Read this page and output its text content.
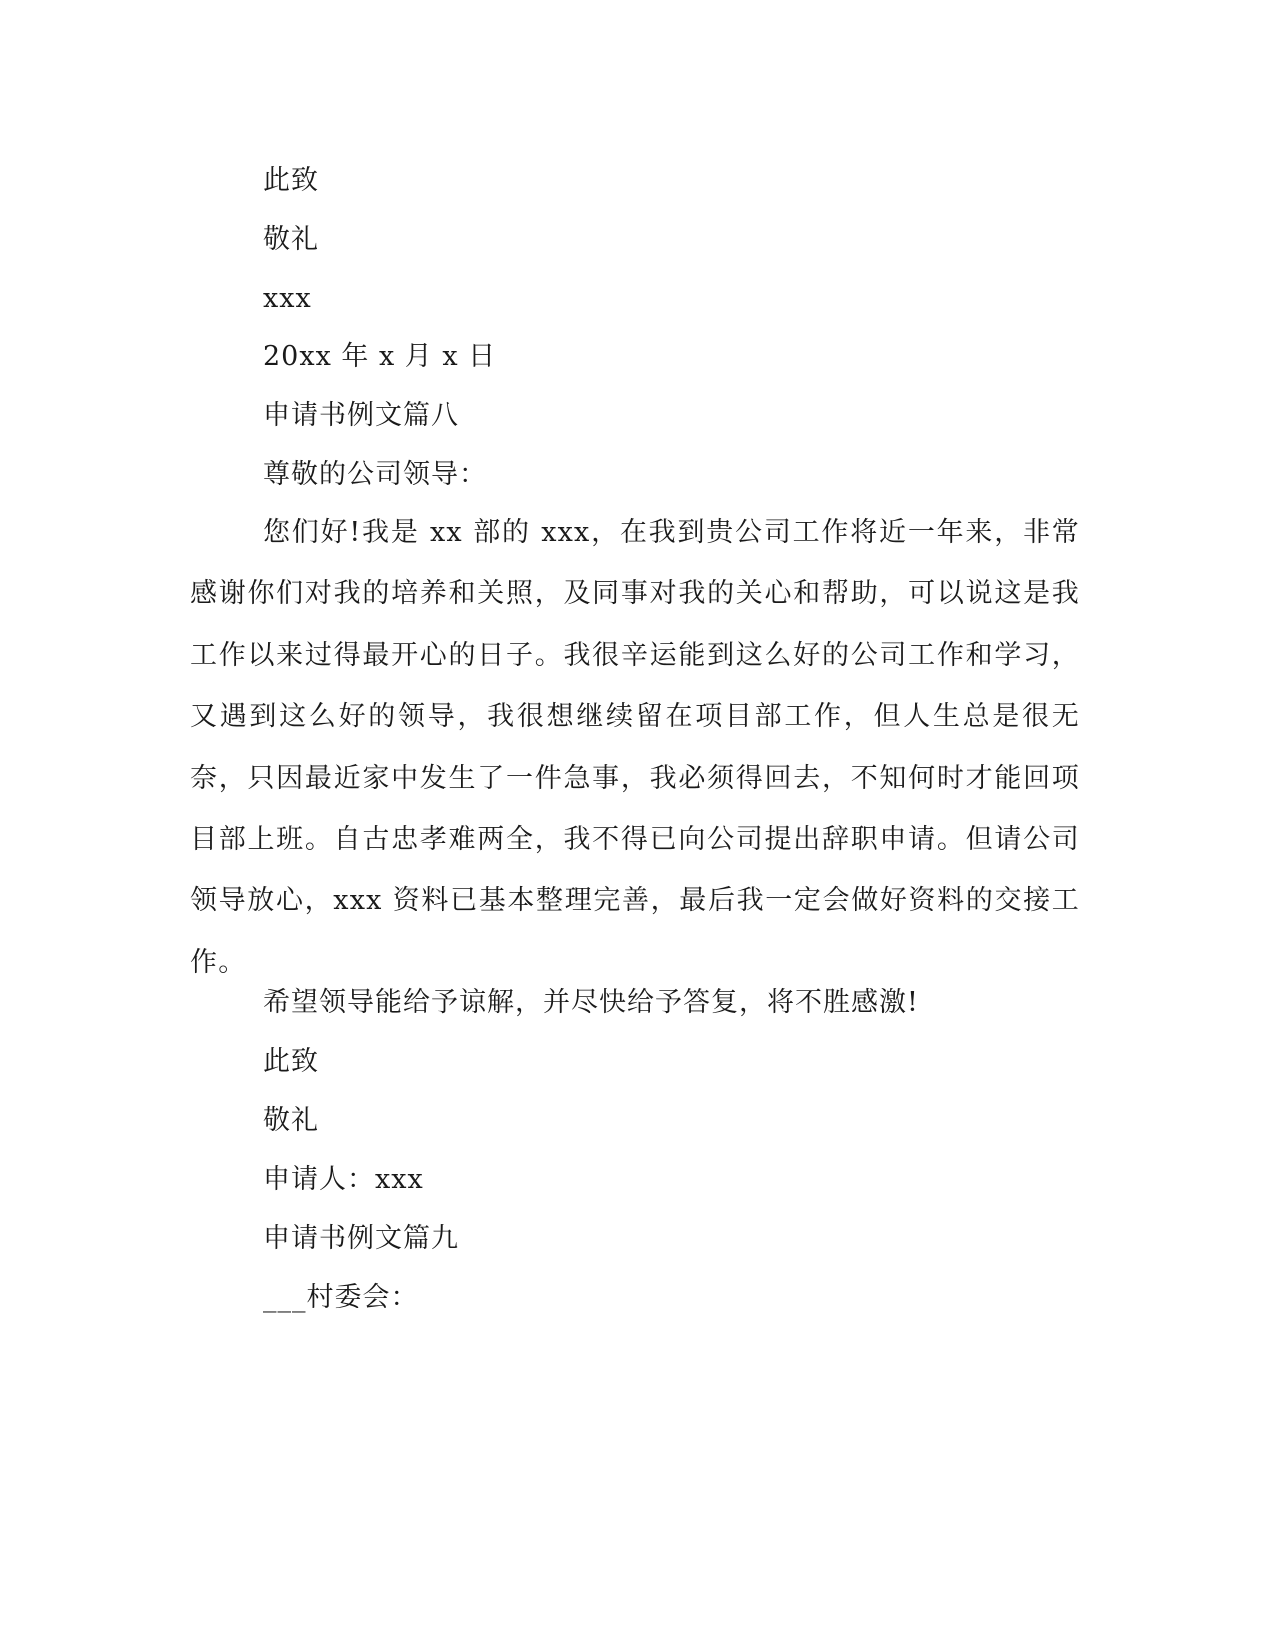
此致
敬礼
xxx
20xx 年 x 月 x 日
申请书例文篇八
尊敬的公司领导：

您们好!我是 xx 部的 xxx，在我到贵公司工作将近一年来，非常感谢你们对我的培养和关照，及同事对我的关心和帮助，可以说这是我工作以来过得最开心的日子。我很辛运能到这么好的公司工作和学习，又遇到这么好的领导，我很想继续留在项目部工作，但人生总是很无奈，只因最近家中发生了一件急事，我必须得回去，不知何时才能回项目部上班。自古忠孝难两全，我不得已向公司提出辞职申请。但请公司领导放心，xxx 资料已基本整理完善，最后我一定会做好资料的交接工作。

希望领导能给予谅解，并尽快给予答复，将不胜感激!
此致
敬礼
申请人：xxx
申请书例文篇九
___村委会：
